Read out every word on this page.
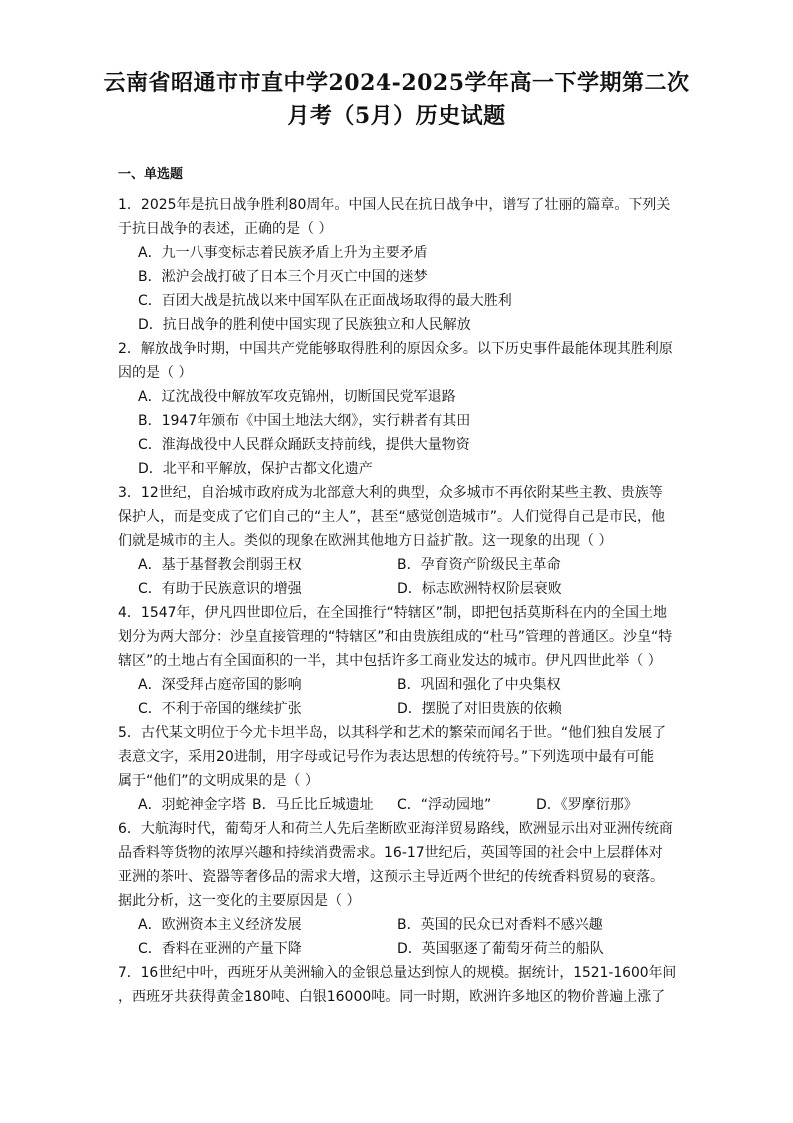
云南省昭通市市直中学2024-2025学年高一下学期第二次
月考（5月）历史试题
一、单选题
1．2025年是抗日战争胜利80周年。中国人民在抗日战争中，谱写了壮丽的篇章。下列关
于抗日战争的表述，正确的是（ ）
A．九一八事变标志着民族矛盾上升为主要矛盾
B．淞沪会战打破了日本三个月灭亡中国的迷梦
C．百团大战是抗战以来中国军队在正面战场取得的最大胜利
D．抗日战争的胜利使中国实现了民族独立和人民解放
2．解放战争时期，中国共产党能够取得胜利的原因众多。以下历史事件最能体现其胜利原
因的是（ ）
A．辽沈战役中解放军攻克锦州，切断国民党军退路
B．1947年颁布《中国土地法大纲》，实行耕者有其田
C．淮海战役中人民群众踊跃支持前线，提供大量物资
D．北平和平解放，保护古都文化遗产
3．12世纪，自治城市政府成为北部意大利的典型，众多城市不再依附某些主教、贵族等
保护人，而是变成了它们自己的“主人”，甚至“感觉创造城市”。人们觉得自己是市民，他
们就是城市的主人。类似的现象在欧洲其他地方日益扩散。这一现象的出现（ ）
A．基于基督教会削弱王权	B．孕育资产阶级民主革命
C．有助于民族意识的增强	D．标志欧洲特权阶层衰败
4．1547年，伊凡四世即位后，在全国推行“特辖区”制，即把包括莫斯科在内的全国土地
划分为两大部分：沙皇直接管理的“特辖区”和由贵族组成的“杜马”管理的普通区。沙皇“特
辖区”的土地占有全国面积的一半，其中包括许多工商业发达的城市。伊凡四世此举（ ）
A．深受拜占庭帝国的影响	B．巩固和强化了中央集权
C．不利于帝国的继续扩张	D．摆脱了对旧贵族的依赖
5．古代某文明位于今尤卡坦半岛，以其科学和艺术的繁荣而闻名于世。“他们独自发展了
表意文字，采用20进制，用字母或记号作为表达思想的传统符号。”下列选项中最有可能
属于“他们”的文明成果的是（ ）
A．羽蛇神金字塔 B．马丘比丘城遗址 C．“浮动园地”	D．《罗摩衍那》
6．大航海时代，葡萄牙人和荷兰人先后垄断欧亚海洋贸易路线，欧洲显示出对亚洲传统商
品香料等货物的浓厚兴趣和持续消费需求。16-17世纪后，英国等国的社会中上层群体对
亚洲的茶叶、瓷器等奢侈品的需求大增，这预示主导近两个世纪的传统香料贸易的衰落。
据此分析，这一变化的主要原因是（ ）
A．欧洲资本主义经济发展	B．英国的民众已对香料不感兴趣
C．香料在亚洲的产量下降	D．英国驱逐了葡萄牙荷兰的船队
7．16世纪中叶，西班牙从美洲输入的金银总量达到惊人的规模。据统计，1521-1600年间
，西班牙共获得黄金180吨、白银16000吨。同一时期，欧洲许多地区的物价普遍上涨了
